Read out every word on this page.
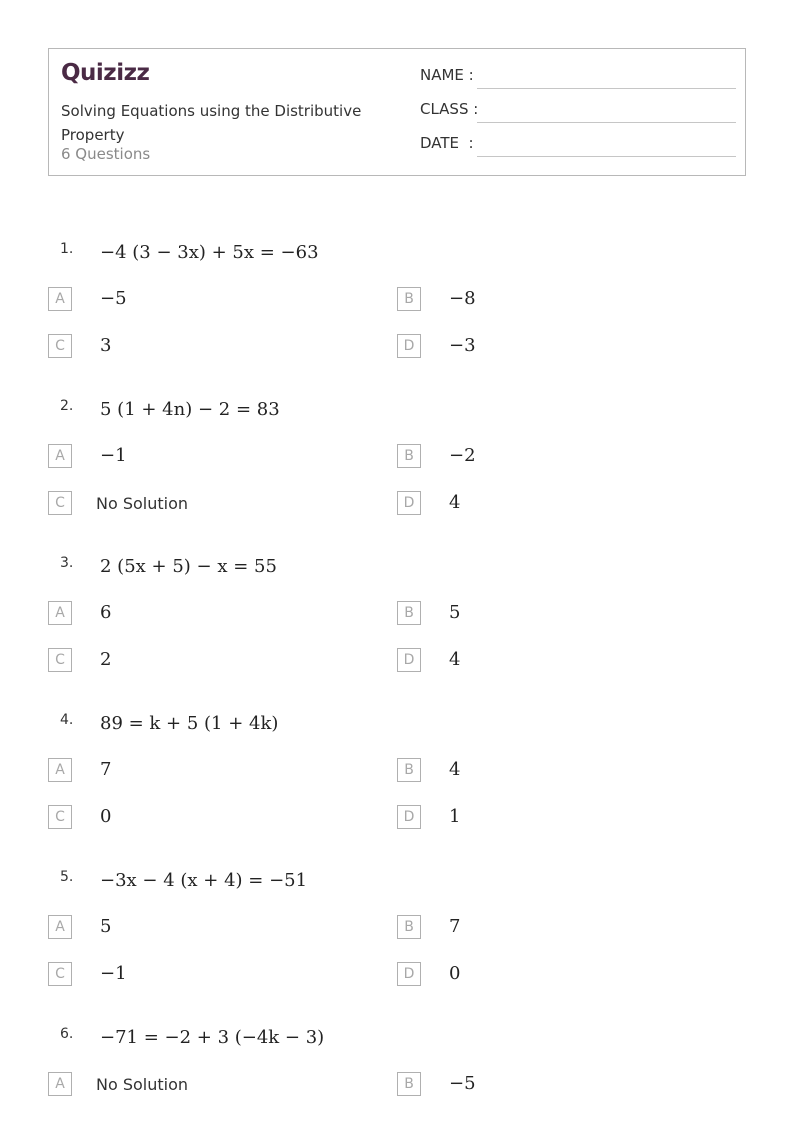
Quizizz
Solving Equations using the Distributive Property
6 Questions
NAME :
CLASS :
DATE  :
1. −4 (3 − 3x) + 5x = −63
A	−5	B	−8
C	3	D	−3
2. 5 (1 + 4n) − 2 = 83
A	−1	B	−2
C	No Solution	D	4
3. 2 (5x + 5) − x = 55
A	6	B	5
C	2	D	4
4. 89 = k + 5 (1 + 4k)
A	7	B	4
C	0	D	1
5. −3x − 4 (x + 4) = −51
A	5	B	7
C	−1	D	0
6. −71 = −2 + 3 (−4k − 3)
A	No Solution	B	−5
